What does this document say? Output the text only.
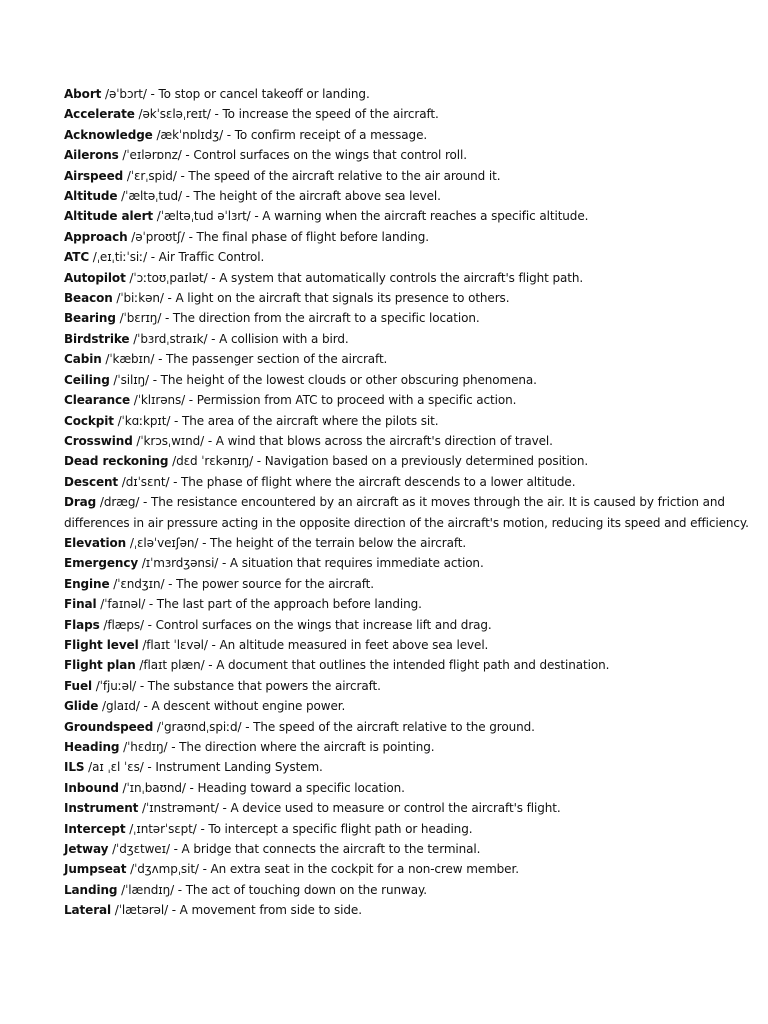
Abort /əˈbɔrt/ - To stop or cancel takeoff or landing.
Accelerate /əkˈsɛləˌreɪt/ - To increase the speed of the aircraft.
Acknowledge /ækˈnɒlɪdʒ/ - To confirm receipt of a message.
Ailerons /ˈeɪlərɒnz/ - Control surfaces on the wings that control roll.
Airspeed /ˈɛrˌspid/ - The speed of the aircraft relative to the air around it.
Altitude /ˈæltəˌtud/ - The height of the aircraft above sea level.
Altitude alert /ˈæltəˌtud əˈlɜrt/ - A warning when the aircraft reaches a specific altitude.
Approach /əˈproʊtʃ/ - The final phase of flight before landing.
ATC /ˌeɪˌtiːˈsiː/ - Air Traffic Control.
Autopilot /ˈɔːtoʊˌpaɪlət/ - A system that automatically controls the aircraft's flight path.
Beacon /ˈbiːkən/ - A light on the aircraft that signals its presence to others.
Bearing /ˈbɛrɪŋ/ - The direction from the aircraft to a specific location.
Birdstrike /ˈbɜrdˌstraɪk/ - A collision with a bird.
Cabin /ˈkæbɪn/ - The passenger section of the aircraft.
Ceiling /ˈsilɪŋ/ - The height of the lowest clouds or other obscuring phenomena.
Clearance /ˈklɪrəns/ - Permission from ATC to proceed with a specific action.
Cockpit /ˈkɑːkpɪt/ - The area of the aircraft where the pilots sit.
Crosswind /ˈkrɔsˌwɪnd/ - A wind that blows across the aircraft's direction of travel.
Dead reckoning /dɛd ˈrɛkənɪŋ/ - Navigation based on a previously determined position.
Descent /dɪˈsɛnt/ - The phase of flight where the aircraft descends to a lower altitude.
Drag /dræg/ - The resistance encountered by an aircraft as it moves through the air. It is caused by friction and differences in air pressure acting in the opposite direction of the aircraft's motion, reducing its speed and efficiency.
Elevation /ˌɛləˈveɪʃən/ - The height of the terrain below the aircraft.
Emergency /ɪˈmɜrdʒənsi/ - A situation that requires immediate action.
Engine /ˈɛndʒɪn/ - The power source for the aircraft.
Final /ˈfaɪnəl/ - The last part of the approach before landing.
Flaps /flæps/ - Control surfaces on the wings that increase lift and drag.
Flight level /flaɪt ˈlɛvəl/ - An altitude measured in feet above sea level.
Flight plan /flaɪt plæn/ - A document that outlines the intended flight path and destination.
Fuel /ˈfjuːəl/ - The substance that powers the aircraft.
Glide /glaɪd/ - A descent without engine power.
Groundspeed /ˈgraʊndˌspiːd/ - The speed of the aircraft relative to the ground.
Heading /ˈhɛdɪŋ/ - The direction where the aircraft is pointing.
ILS /aɪ ˌɛl ˈɛs/ - Instrument Landing System.
Inbound /ˈɪnˌbaʊnd/ - Heading toward a specific location.
Instrument /ˈɪnstrəmənt/ - A device used to measure or control the aircraft's flight.
Intercept /ˌɪntərˈsɛpt/ - To intercept a specific flight path or heading.
Jetway /ˈdʒɛtweɪ/ - A bridge that connects the aircraft to the terminal.
Jumpseat /ˈdʒʌmpˌsit/ - An extra seat in the cockpit for a non-crew member.
Landing /ˈlændɪŋ/ - The act of touching down on the runway.
Lateral /ˈlætərəl/ - A movement from side to side.
